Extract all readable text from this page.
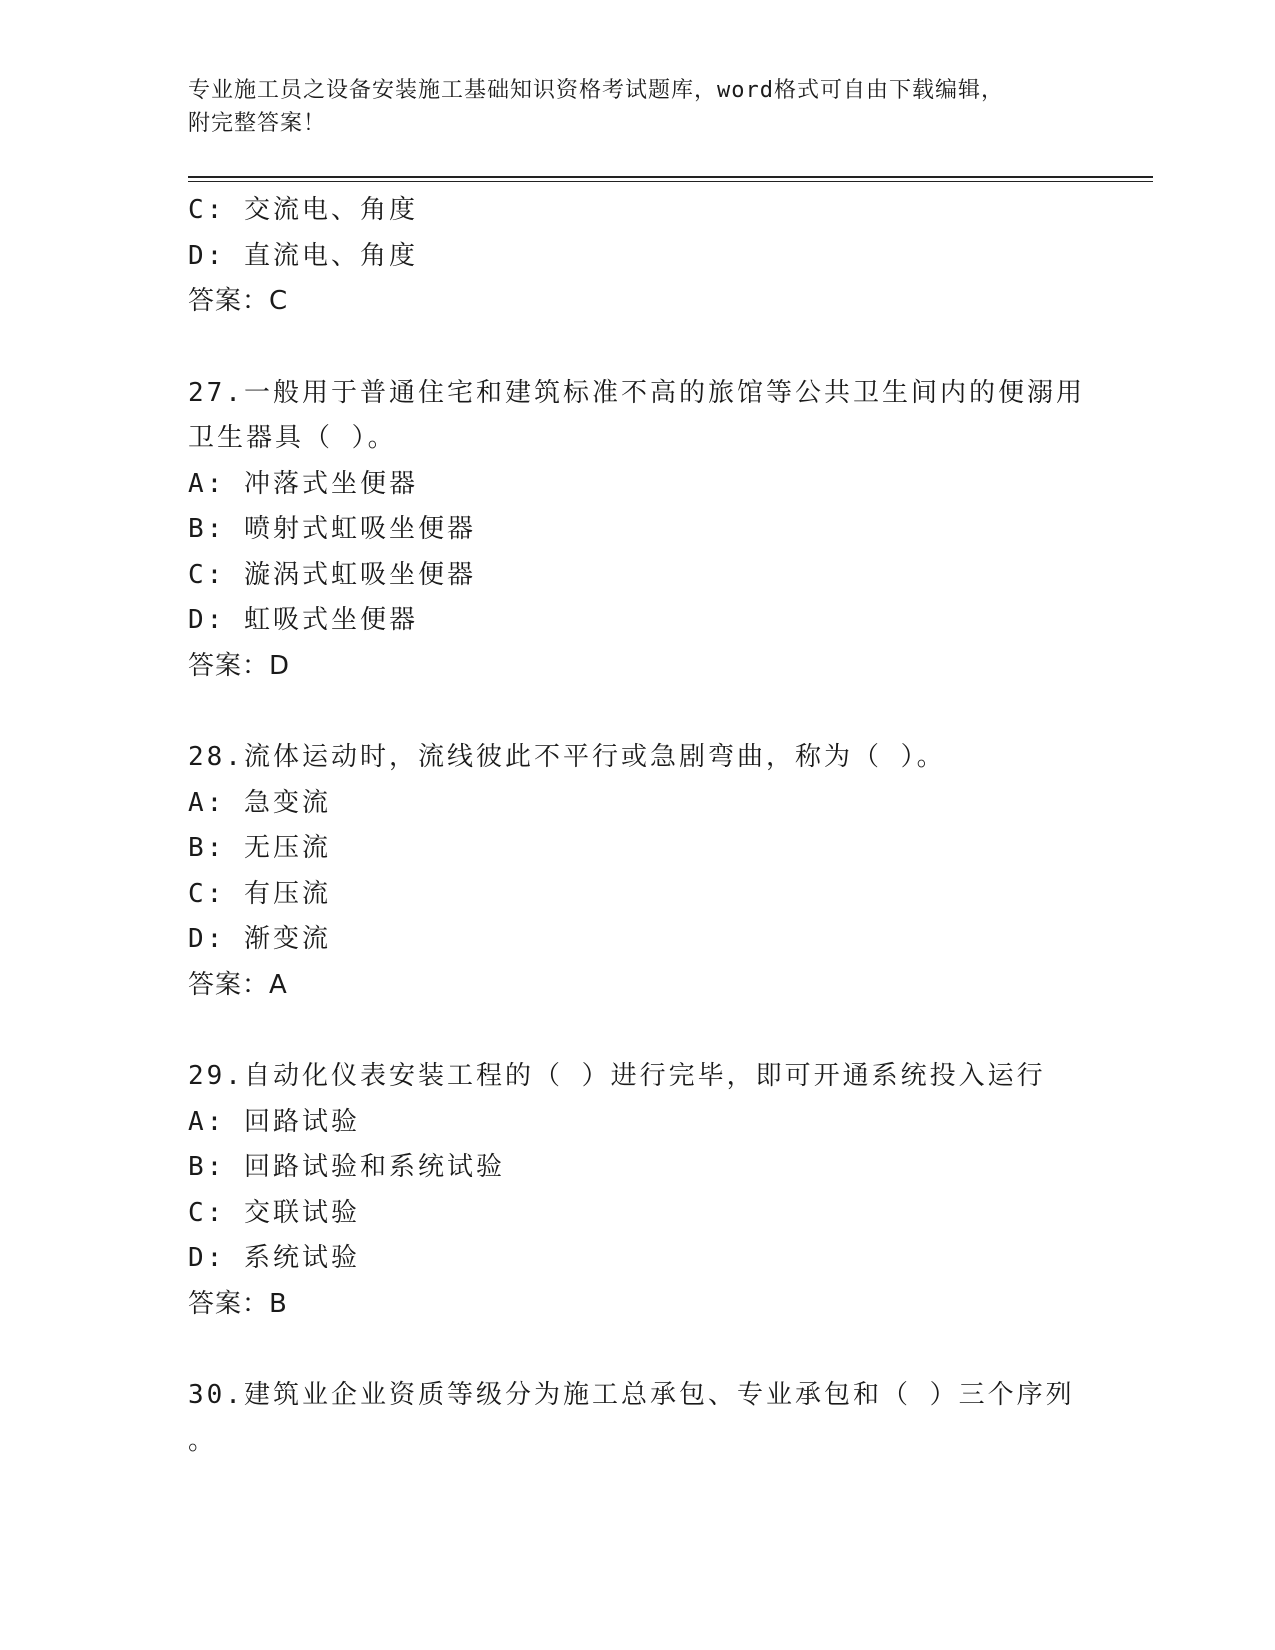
专业施工员之设备安装施工基础知识资格考试题库，word格式可自由下载编辑，
附完整答案！
C: 交流电、角度
D: 直流电、角度
答案：C
27.一般用于普通住宅和建筑标准不高的旅馆等公共卫生间内的便溺用
卫生器具（ ）。
A: 冲落式坐便器
B: 喷射式虹吸坐便器
C: 漩涡式虹吸坐便器
D: 虹吸式坐便器
答案：D
28.流体运动时，流线彼此不平行或急剧弯曲，称为（ ）。
A: 急变流
B: 无压流
C: 有压流
D: 渐变流
答案：A
29.自动化仪表安装工程的（ ）进行完毕，即可开通系统投入运行
A: 回路试验
B: 回路试验和系统试验
C: 交联试验
D: 系统试验
答案：B
30.建筑业企业资质等级分为施工总承包、专业承包和（ ）三个序列
。
